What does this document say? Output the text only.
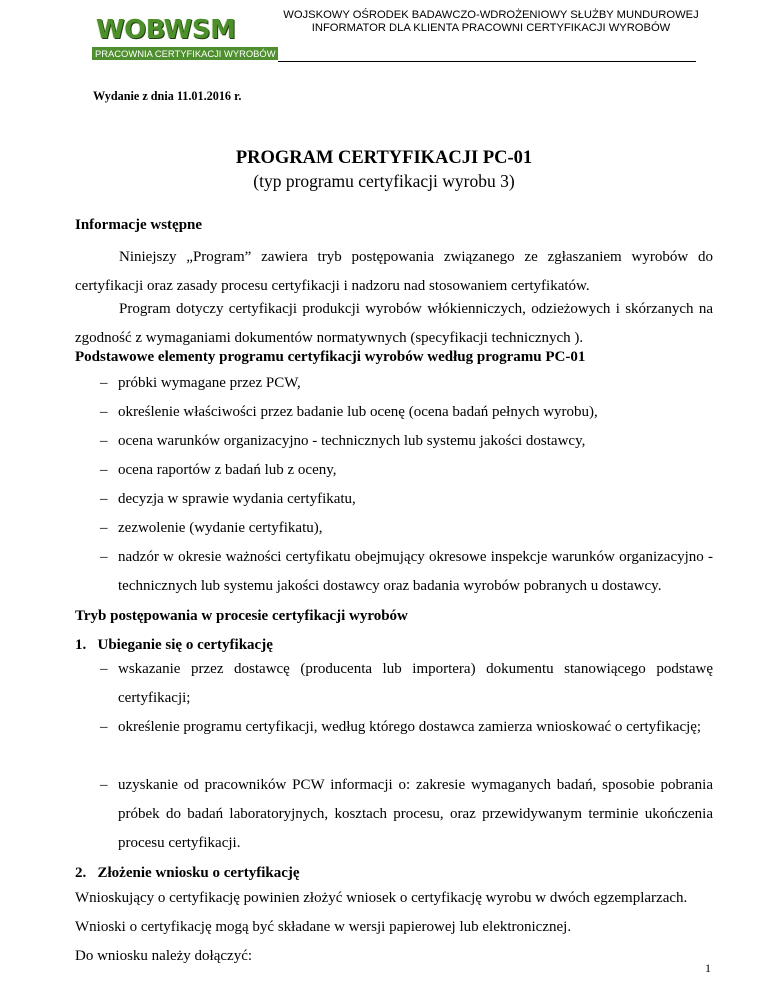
WOBWSM
PRACOWNIA CERTYFIKACJI WYROBÓW
WOJSKOWY OŚRODEK BADAWCZO-WDROŻENIOWY SŁUŻBY MUNDUROWEJ
INFORMATOR DLA KLIENTA PRACOWNI CERTYFIKACJI WYROBÓW
Wydanie z dnia 11.01.2016 r.
PROGRAM CERTYFIKACJI PC-01
(typ programu certyfikacji wyrobu 3)
Informacje wstępne
Niniejszy „Program” zawiera tryb postępowania związanego ze zgłaszaniem wyrobów do certyfikacji oraz zasady procesu certyfikacji i nadzoru nad stosowaniem certyfikatów.
Program dotyczy certyfikacji produkcji wyrobów włókienniczych, odzieżowych i skórzanych na zgodność z wymaganiami dokumentów normatywnych (specyfikacji technicznych ).
Podstawowe elementy programu certyfikacji wyrobów według programu PC-01
– próbki wymagane przez PCW,
– określenie właściwości przez badanie lub ocenę (ocena badań pełnych wyrobu),
– ocena warunków organizacyjno - technicznych lub systemu jakości dostawcy,
– ocena raportów z badań lub z oceny,
– decyzja w sprawie wydania certyfikatu,
– zezwolenie (wydanie certyfikatu),
– nadzór w okresie ważności certyfikatu obejmujący okresowe inspekcje warunków organizacyjno - technicznych lub systemu jakości dostawcy oraz badania wyrobów pobranych u dostawcy.
Tryb postępowania w procesie certyfikacji wyrobów
1. Ubieganie się o certyfikację
– wskazanie przez dostawcę (producenta lub importera) dokumentu stanowiącego podstawę certyfikacji;
– określenie programu certyfikacji, według którego dostawca zamierza wnioskować o certyfikację;
– uzyskanie od pracowników PCW informacji o: zakresie wymaganych badań, sposobie pobrania próbek do badań laboratoryjnych, kosztach procesu, oraz przewidywanym terminie ukończenia procesu certyfikacji.
2. Złożenie wniosku o certyfikację
Wnioskujący o certyfikację powinien złożyć wniosek o certyfikację wyrobu w dwóch egzemplarzach.
Wnioski o certyfikację mogą być składane w wersji papierowej lub elektronicznej.
Do wniosku należy dołączyć:
1
